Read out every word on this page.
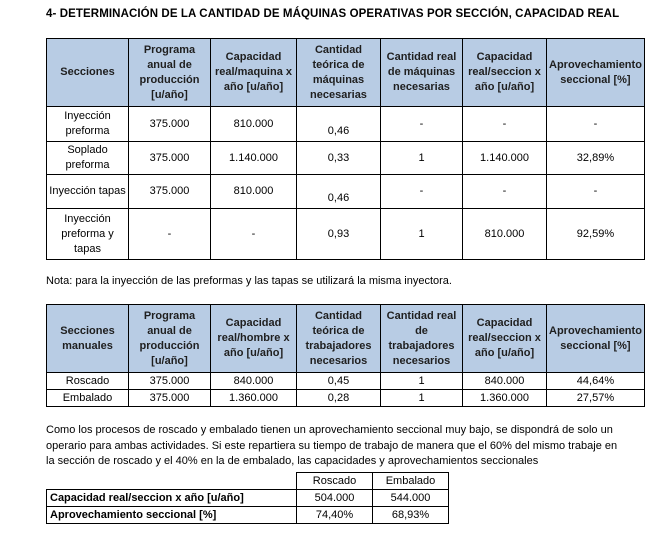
4- DETERMINACIÓN DE LA CANTIDAD DE MÁQUINAS OPERATIVAS POR SECCIÓN, CAPACIDAD REAL
Secciones	Programa anual de producción [u/año]	Capacidad real/maquina x año [u/año]	Cantidad teórica de máquinas necesarias	Cantidad real de máquinas necesarias	Capacidad real/seccion x año [u/año]	Aprovechamiento seccional [%]
Inyección preforma	375.000	810.000	0,46	-	-	-
Soplado preforma	375.000	1.140.000	0,33	1	1.140.000	32,89%
Inyección tapas	375.000	810.000	0,46	-	-	-
Inyección preforma y tapas	-	-	0,93	1	810.000	92,59%
Nota: para la inyección de las preformas y las tapas se utilizará la misma inyectora.
Secciones manuales	Programa anual de producción [u/año]	Capacidad real/hombre x año [u/año]	Cantidad teórica de trabajadores necesarios	Cantidad real de trabajadores necesarios	Capacidad real/seccion x año [u/año]	Aprovechamiento seccional [%]
Roscado	375.000	840.000	0,45	1	840.000	44,64%
Embalado	375.000	1.360.000	0,28	1	1.360.000	27,57%
Como los procesos de roscado y embalado tienen un aprovechamiento seccional muy bajo, se dispondrá de solo un operario para ambas actividades. Si este repartiera su tiempo de trabajo de manera que el 60% del mismo trabaje en la sección de roscado y el 40% en la de embalado, las capacidades y aprovechamientos seccionales
	Roscado	Embalado
Capacidad real/seccion x año [u/año]	504.000	544.000
Aprovechamiento seccional [%]	74,40%	68,93%
